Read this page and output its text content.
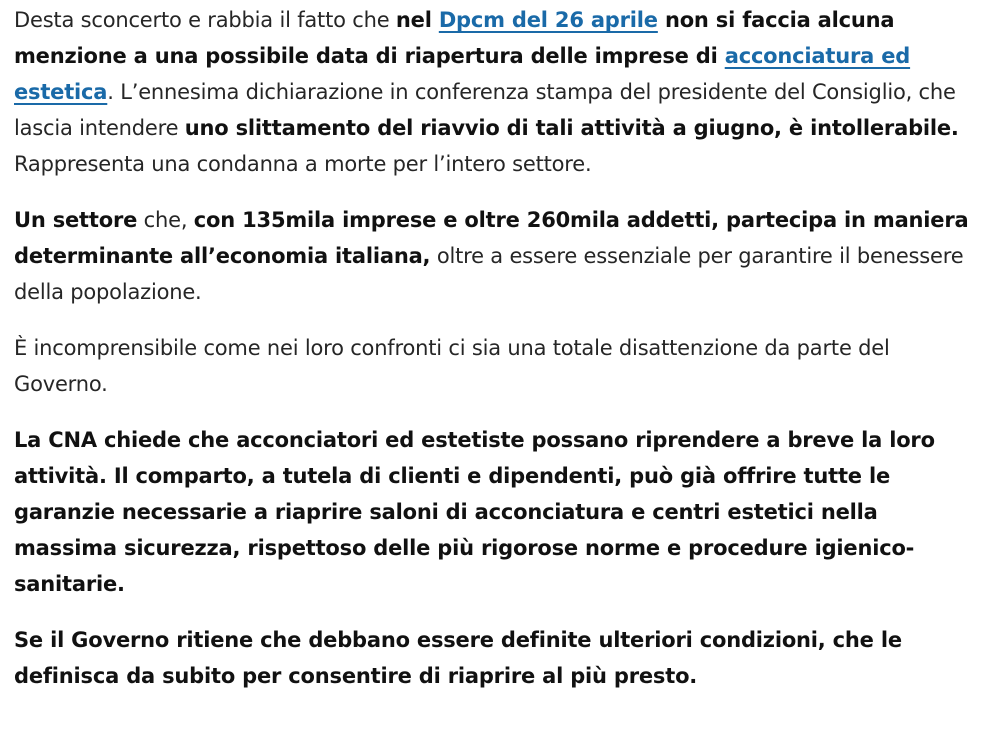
Desta sconcerto e rabbia il fatto che nel Dpcm del 26 aprile non si faccia alcuna menzione a una possibile data di riapertura delle imprese di acconciatura ed estetica. L’ennesima dichiarazione in conferenza stampa del presidente del Consiglio, che lascia intendere uno slittamento del riavvio di tali attività a giugno, è intollerabile. Rappresenta una condanna a morte per l’intero settore.

Un settore che, con 135mila imprese e oltre 260mila addetti, partecipa in maniera determinante all’economia italiana, oltre a essere essenziale per garantire il benessere della popolazione.

È incomprensibile come nei loro confronti ci sia una totale disattenzione da parte del Governo.

La CNA chiede che acconciatori ed estetiste possano riprendere a breve la loro attività. Il comparto, a tutela di clienti e dipendenti, può già offrire tutte le garanzie necessarie a riaprire saloni di acconciatura e centri estetici nella massima sicurezza, rispettoso delle più rigorose norme e procedure igienico-sanitarie.

Se il Governo ritiene che debbano essere definite ulteriori condizioni, che le definisca da subito per consentire di riaprire al più presto.
